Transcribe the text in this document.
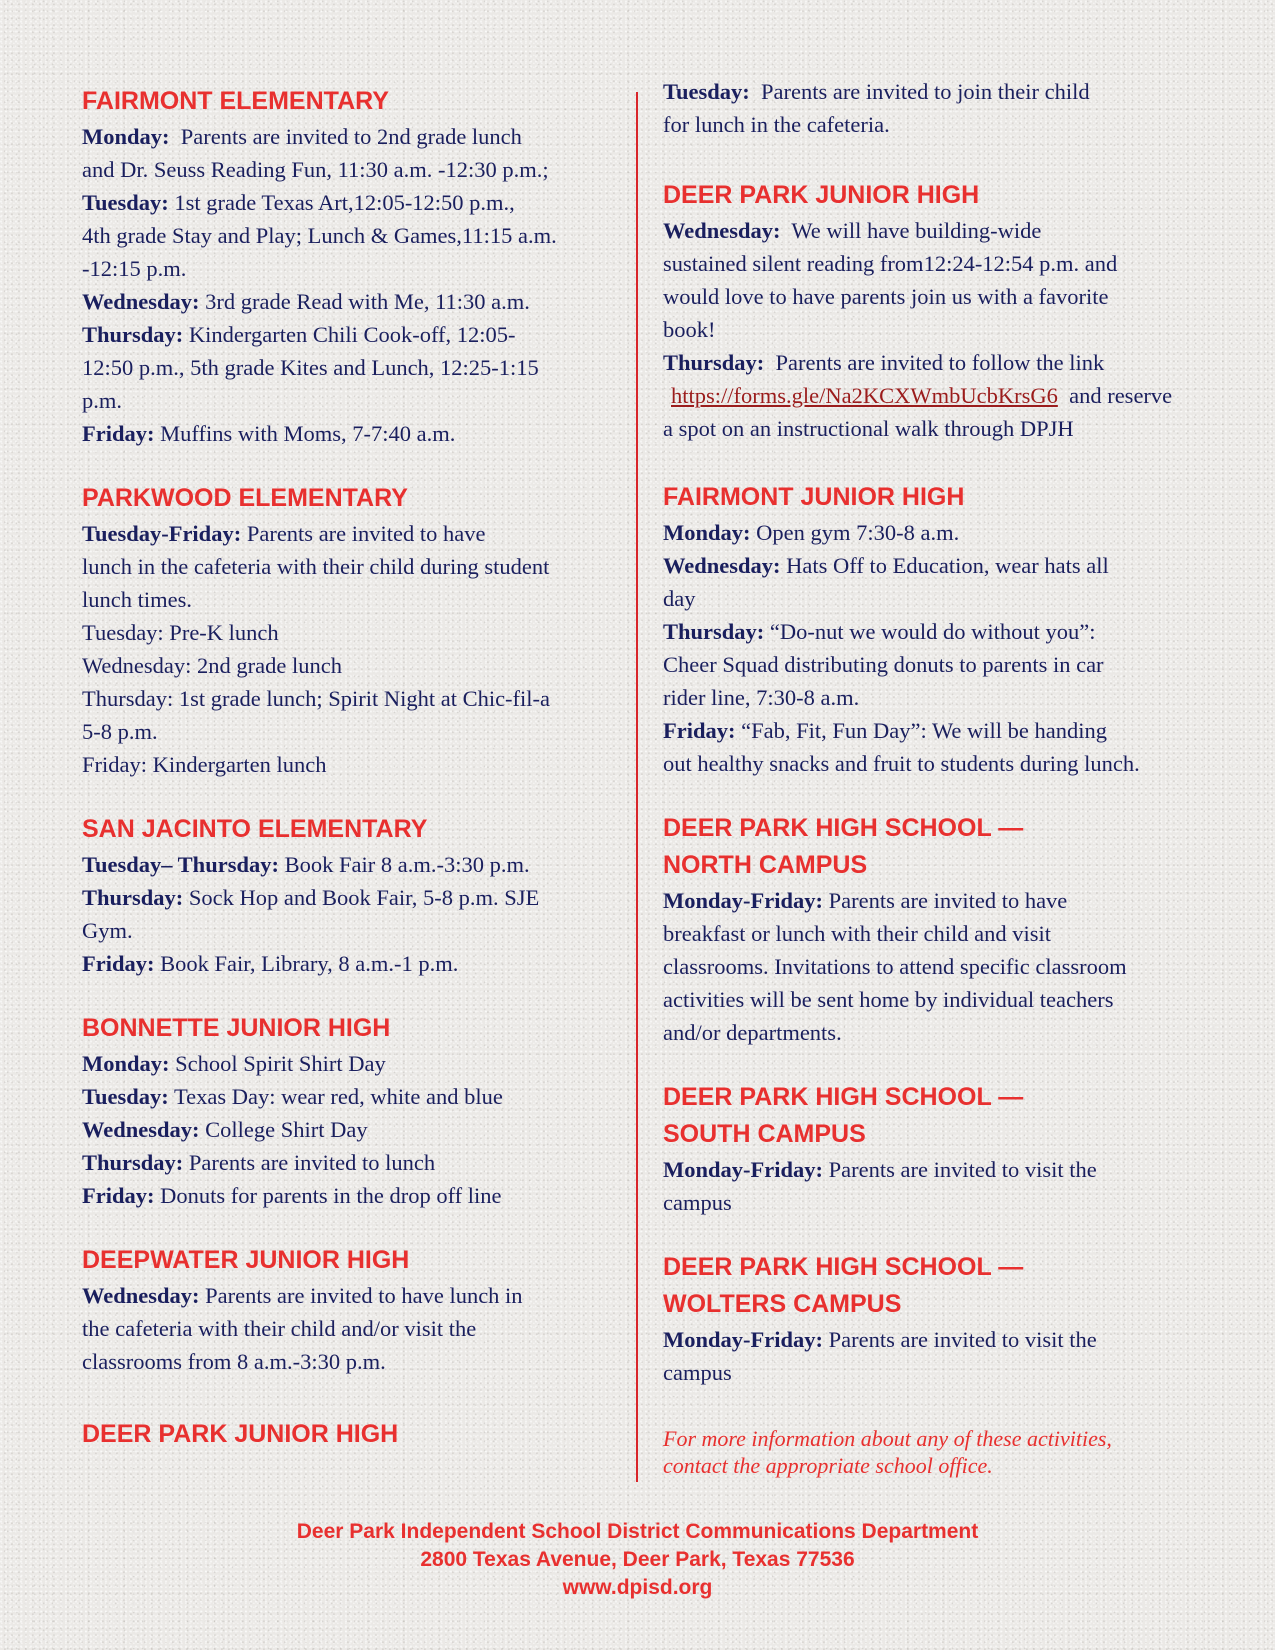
FAIRMONT ELEMENTARY

Monday: Parents are invited to 2nd grade lunch

and Dr. Seuss Reading Fun, 11:30 a.m. -12:30 p.m.;

Tuesday: 1st grade Texas Art,12:05-12:50 p.m.,

4th grade Stay and Play; Lunch & Games,11:15 a.m.

-12:15 p.m.

Wednesday: 3rd grade Read with Me, 11:30 a.m.

Thursday: Kindergarten Chili Cook-off, 12:05-

12:50 p.m., 5th grade Kites and Lunch, 12:25-1:15

p.m.

Friday: Muffins with Moms, 7-7:40 a.m.

PARKWOOD ELEMENTARY

Tuesday-Friday: Parents are invited to have

lunch in the cafeteria with their child during student

lunch times.

Tuesday: Pre-K lunch

Wednesday: 2nd grade lunch

Thursday: 1st grade lunch; Spirit Night at Chic-fil-a

5-8 p.m.

Friday: Kindergarten lunch

SAN JACINTO ELEMENTARY

Tuesday– Thursday: Book Fair 8 a.m.-3:30 p.m.

Thursday: Sock Hop and Book Fair, 5-8 p.m. SJE

Gym.

Friday: Book Fair, Library, 8 a.m.-1 p.m.

BONNETTE JUNIOR HIGH

Monday: School Spirit Shirt Day

Tuesday: Texas Day: wear red, white and blue

Wednesday: College Shirt Day

Thursday: Parents are invited to lunch

Friday: Donuts for parents in the drop off line

DEEPWATER JUNIOR HIGH

Wednesday: Parents are invited to have lunch in

the cafeteria with their child and/or visit the

classrooms from 8 a.m.-3:30 p.m.

DEER PARK JUNIOR HIGH

Tuesday: Parents are invited to join their child

for lunch in the cafeteria.

DEER PARK JUNIOR HIGH

Wednesday: We will have building-wide

sustained silent reading from12:24-12:54 p.m. and

would love to have parents join us with a favorite

book!

Thursday: Parents are invited to follow the link

https://forms.gle/Na2KCXWmbUcbKrsG6 and reserve

a spot on an instructional walk through DPJH

FAIRMONT JUNIOR HIGH

Monday: Open gym 7:30-8 a.m.

Wednesday: Hats Off to Education, wear hats all

day

Thursday: “Do-nut we would do without you”:

Cheer Squad distributing donuts to parents in car

rider line, 7:30-8 a.m.

Friday: “Fab, Fit, Fun Day”: We will be handing

out healthy snacks and fruit to students during lunch.

DEER PARK HIGH SCHOOL —

NORTH CAMPUS

Monday-Friday: Parents are invited to have

breakfast or lunch with their child and visit

classrooms. Invitations to attend specific classroom

activities will be sent home by individual teachers

and/or departments.

DEER PARK HIGH SCHOOL —

SOUTH CAMPUS

Monday-Friday: Parents are invited to visit the

campus

DEER PARK HIGH SCHOOL —

WOLTERS CAMPUS

Monday-Friday: Parents are invited to visit the

campus

For more information about any of these activities,

contact the appropriate school office.

Deer Park Independent School District Communications Department

2800 Texas Avenue, Deer Park, Texas 77536

www.dpisd.org
